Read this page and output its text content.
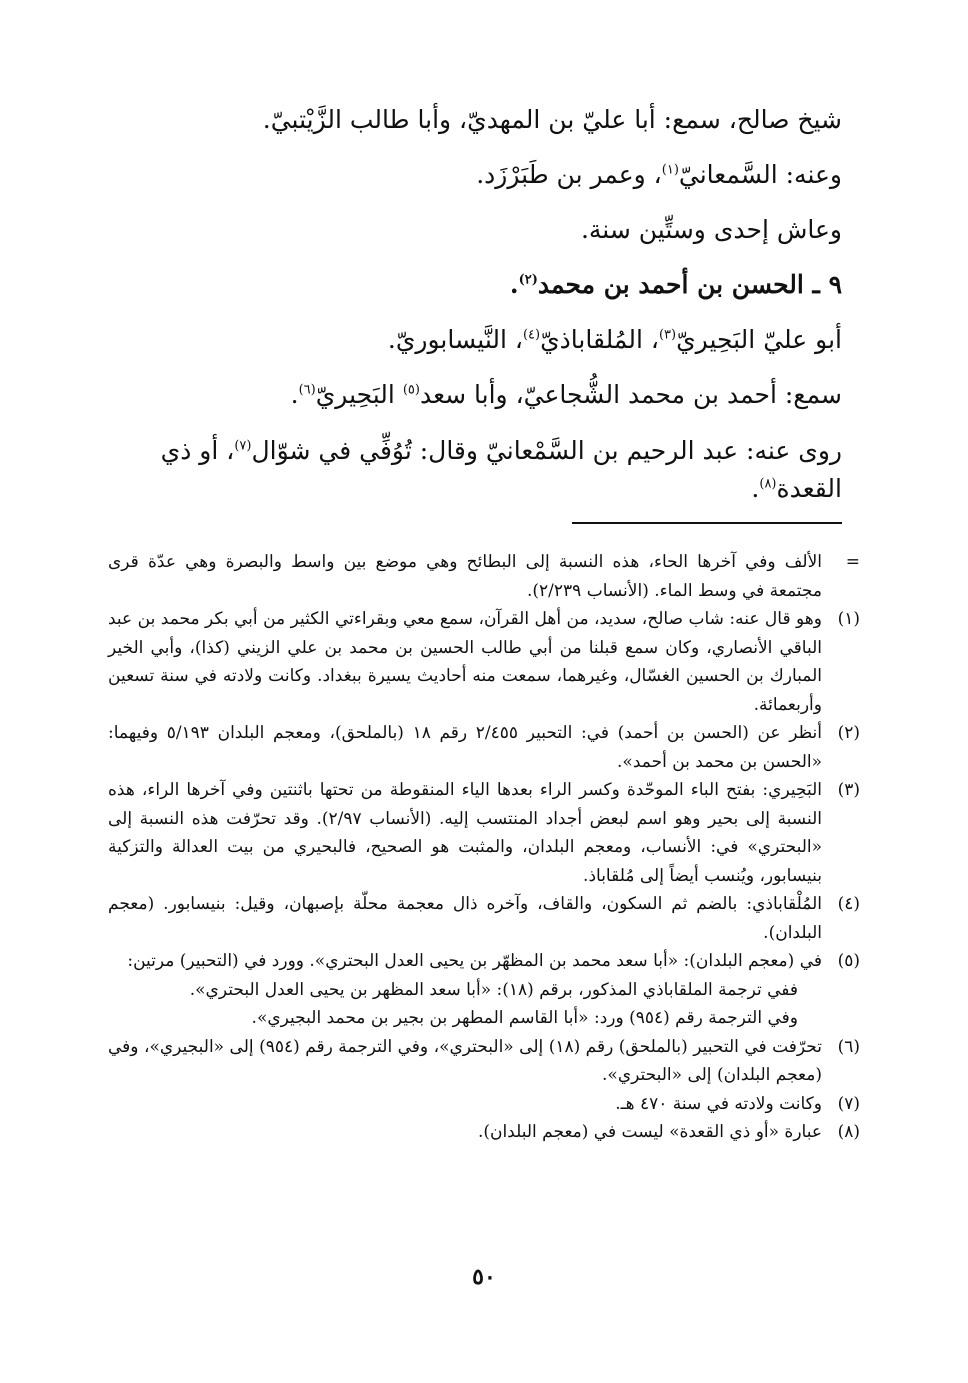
شيخ صالح، سمع: أبا عليّ بن المهديّ، وأبا طالب الزَّيْتبيّ.

وعنه: السَّمعانيّ$^{(١)}$، وعمر بن طَبَرْزَد.

وعاش إحدى وستِّين سنة.

٩ ـ الحسن بن أحمد بن محمد$^{(٢)}$.

أبو عليّ البَحِيريّ$^{(٣)}$، المُلقاباذيّ$^{(٤)}$، النَّيسابوريّ.

سمع: أحمد بن محمد الشُّجاعيّ، وأبا سعد$^{(٥)}$ البَحِيريّ$^{(٦)}$.

روى عنه: عبد الرحيم بن السَّمْعانيّ وقال: تُوُفِّي في شوّال$^{(٧)}$، أو ذي القعدة$^{(٨)}$.

=
الألف وفي آخرها الحاء، هذه النسبة إلى البطائح وهي موضع بين واسط والبصرة وهي عدّة قرى مجتمعة في وسط الماء. (الأنساب ٢/٢٣٩).
(١)
وهو قال عنه: شاب صالح، سديد، من أهل القرآن، سمع معي وبقراءتي الكثير من أبي بكر محمد بن عبد الباقي الأنصاري، وكان سمع قبلنا من أبي طالب الحسين بن محمد بن علي الزيني (كذا)، وأبي الخير المبارك بن الحسين الغسّال، وغيرهما، سمعت منه أحاديث يسيرة ببغداد. وكانت ولادته في سنة تسعين وأربعمائة.
(٢)
أنظر عن (الحسن بن أحمد) في: التحبير ٢/٤٥٥ رقم ١٨ (بالملحق)، ومعجم البلدان ٥/١٩٣ وفيهما: «الحسن بن محمد بن أحمد».
(٣)
البَحِيري: بفتح الباء الموحّدة وكسر الراء بعدها الياء المنقوطة من تحتها باثنتين وفي آخرها الراء، هذه النسبة إلى بحير وهو اسم لبعض أجداد المنتسب إليه. (الأنساب ٢/٩٧). وقد تحرّفت هذه النسبة إلى «البحتري» في: الأنساب، ومعجم البلدان، والمثبت هو الصحيح، فالبحيري من بيت العدالة والتزكية بنيسابور، ويُنسب أيضاً إلى مُلقاباذ.
(٤)
المُلْقاباذي: بالضم ثم السكون، والقاف، وآخره ذال معجمة محلّة بإصبهان، وقيل: بنيسابور. (معجم البلدان).
(٥)
في (معجم البلدان): «أبا سعد محمد بن المظهّر بن يحيى العدل البحتري». وورد في (التحبير) مرتين:
ففي ترجمة الملقاباذي المذكور، برقم (١٨): «أبا سعد المظهر بن يحيى العدل البحتري».
وفي الترجمة رقم (٩٥٤) ورد: «أبا القاسم المطهر بن بجير بن محمد البجيري».
(٦)
تحرّفت في التحبير (بالملحق) رقم (١٨) إلى «البحتري»، وفي الترجمة رقم (٩٥٤) إلى «البجيري»، وفي (معجم البلدان) إلى «البحتري».
(٧)
وكانت ولادته في سنة ٤٧٠ هـ.
(٨)
عبارة «أو ذي القعدة» ليست في (معجم البلدان).
٥٠
